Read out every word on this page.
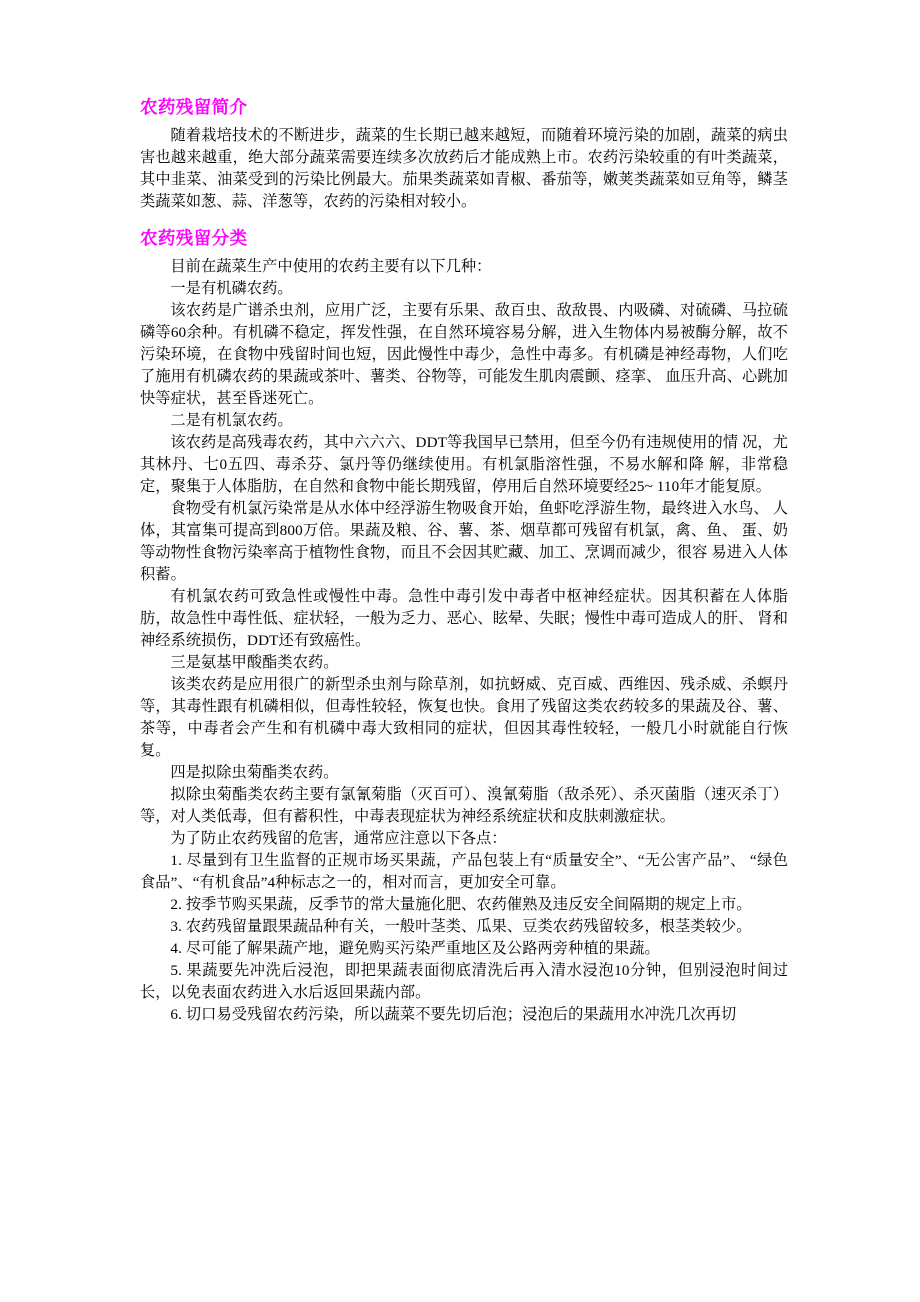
农药残留简介

随着栽培技术的不断进步，蔬菜的生长期已越来越短，而随着环境污染的加剧，蔬菜的病虫害也越来越重，绝大部分蔬菜需要连续多次放药后才能成熟上市。农药污染较重的有叶类蔬菜，其中韭菜、油菜受到的污染比例最大。茄果类蔬菜如青椒、番茄等，嫩荚类蔬菜如豆角等，鳞茎类蔬菜如葱、蒜、洋葱等，农药的污染相对较小。

农药残留分类

目前在蔬菜生产中使用的农药主要有以下几种：

一是有机磷农药。

该农药是广谱杀虫剂，应用广泛，主要有乐果、敌百虫、敌敌畏、内吸磷、对硫磷、马拉硫磷等60余种。有机磷不稳定，挥发性强，在自然环境容易分解，进入生物体内易被酶分解，故不污染环境，在食物中残留时间也短，因此慢性中毒少，急性中毒多。有机磷是神经毒物，人们吃了施用有机磷农药的果蔬或茶叶、薯类、谷物等，可能发生肌肉震颤、痉挛、 血压升高、心跳加快等症状，甚至昏迷死亡。

二是有机氯农药。

该农药是高残毒农药，其中六六六、DDT等我国早已禁用，但至今仍有违规使用的情 况，尤其林丹、七0五四、毒杀芬、氯丹等仍继续使用。有机氯脂溶性强，不易水解和降 解，非常稳定，聚集于人体脂肪，在自然和食物中能长期残留，停用后自然环境要经25~ 110年才能复原。

食物受有机氯污染常是从水体中经浮游生物吸食开始，鱼虾吃浮游生物，最终进入水鸟、 人体，其富集可提高到800万倍。果蔬及粮、谷、薯、茶、烟草都可残留有机氯，禽、鱼、 蛋、奶等动物性食物污染率高于植物性食物，而且不会因其贮藏、加工、烹调而减少，很容 易进入人体积蓄。

有机氯农药可致急性或慢性中毒。急性中毒引发中毒者中枢神经症状。因其积蓄在人体脂肪，故急性中毒性低、症状轻，一般为乏力、恶心、眩晕、失眠；慢性中毒可造成人的肝、 肾和神经系统损伤，DDT还有致癌性。

三是氨基甲酸酯类农药。

该类农药是应用很广的新型杀虫剂与除草剂，如抗蚜威、克百威、西维因、残杀威、杀螟丹等，其毒性跟有机磷相似，但毒性较轻，恢复也快。食用了残留这类农药较多的果蔬及谷、薯、茶等，中毒者会产生和有机磷中毒大致相同的症状，但因其毒性较轻，一般几小时就能自行恢复。

四是拟除虫菊酯类农药。

拟除虫菊酯类农药主要有氯氰菊脂（灭百可）、溴氰菊脂（敌杀死）、杀灭菌脂（速灭杀丁） 等，对人类低毒，但有蓄积性，中毒表现症状为神经系统症状和皮肤刺激症状。

为了防止农药残留的危害，通常应注意以下各点：

1. 尽量到有卫生监督的正规市场买果蔬，产品包装上有“质量安全”、“无公害产品”、 “绿色食品”、“有机食品”4种标志之一的，相对而言，更加安全可靠。

2. 按季节购买果蔬，反季节的常大量施化肥、农药催熟及违反安全间隔期的规定上市。

3. 农药残留量跟果蔬品种有关，一般叶茎类、瓜果、豆类农药残留较多，根茎类较少。

4. 尽可能了解果蔬产地，避免购买污染严重地区及公路两旁种植的果蔬。

5. 果蔬要先冲洗后浸泡，即把果蔬表面彻底清洗后再入清水浸泡10分钟，但别浸泡时间过长，以免表面农药进入水后返回果蔬内部。

6. 切口易受残留农药污染，所以蔬菜不要先切后泡；浸泡后的果蔬用水冲洗几次再切
